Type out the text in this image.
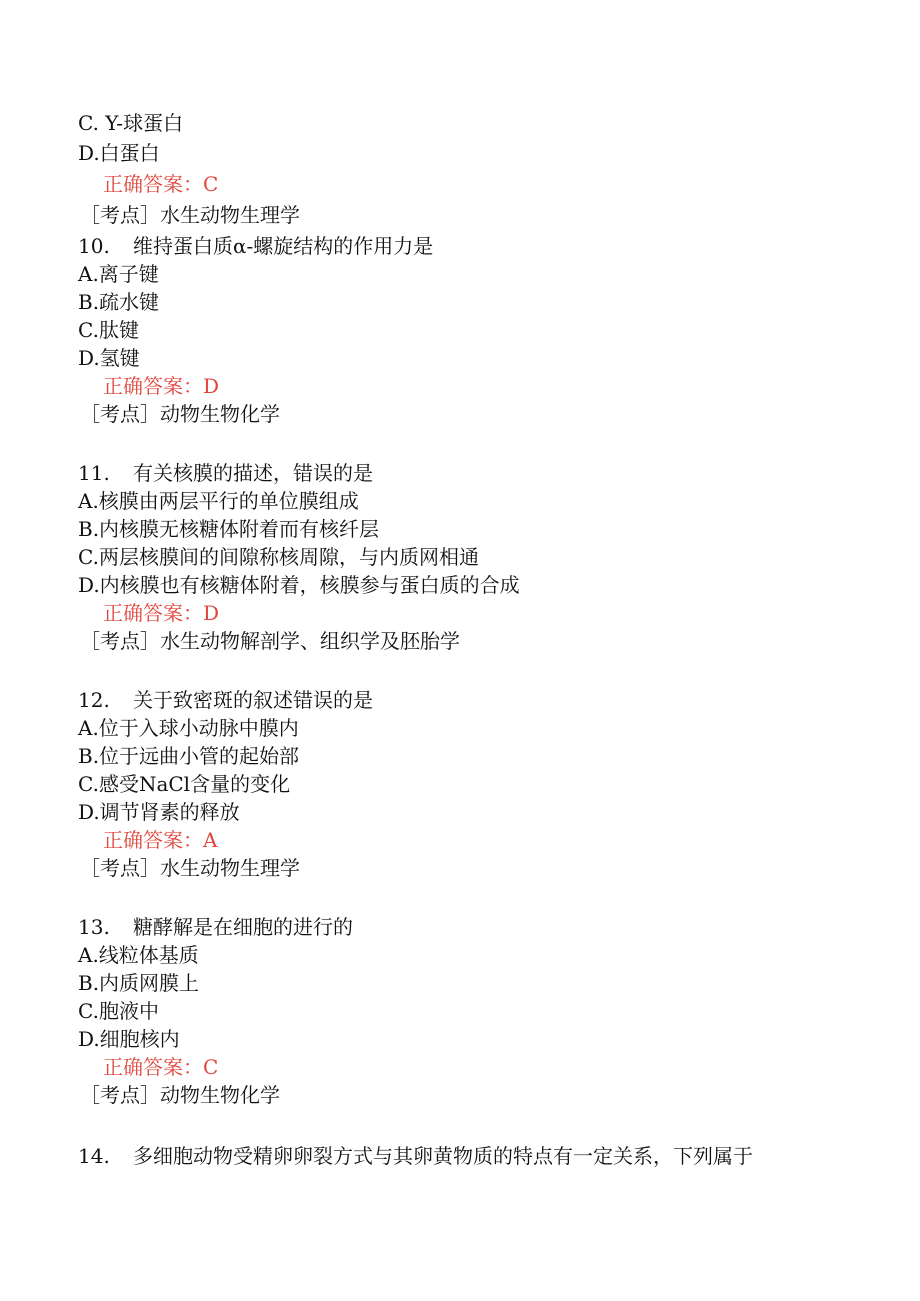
C. Y-球蛋白
D.白蛋白
正确答案：C
［考点］水生动物生理学
10. 维持蛋白质α-螺旋结构的作用力是
A.离子键
B.疏水键
C.肽键
D.氢键
正确答案：D
［考点］动物生物化学
11. 有关核膜的描述，错误的是
A.核膜由两层平行的单位膜组成
B.内核膜无核糖体附着而有核纤层
C.两层核膜间的间隙称核周隙，与内质网相通
D.内核膜也有核糖体附着，核膜参与蛋白质的合成
正确答案：D
［考点］水生动物解剖学、组织学及胚胎学
12. 关于致密斑的叙述错误的是
A.位于入球小动脉中膜内
B.位于远曲小管的起始部
C.感受NaCl含量的变化
D.调节肾素的释放
正确答案：A
［考点］水生动物生理学
13. 糖酵解是在细胞的进行的
A.线粒体基质
B.内质网膜上
C.胞液中
D.细胞核内
正确答案：C
［考点］动物生物化学
14. 多细胞动物受精卵卵裂方式与其卵黄物质的特点有一定关系，下列属于
